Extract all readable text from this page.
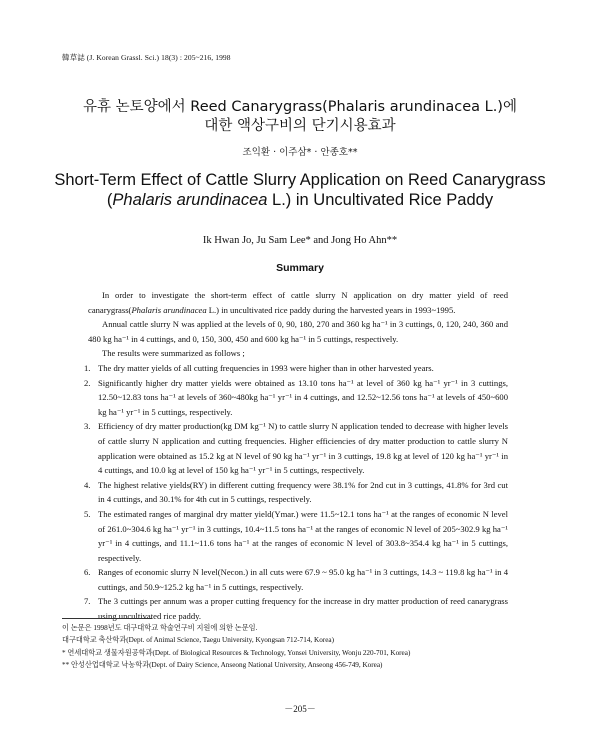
韓草誌 (J. Korean Grassl. Sci.) 18(3) : 205~216, 1998
유휴 논토양에서 Reed Canarygrass(Phalaris arundinacea L.)에
대한 액상구비의 단기시용효과
조익환 · 이주삼* · 안종호**
Short-Term Effect of Cattle Slurry Application on Reed Canarygrass (Phalaris arundinacea L.) in Uncultivated Rice Paddy
Ik Hwan Jo, Ju Sam Lee* and Jong Ho Ahn**
Summary

In order to investigate the short-term effect of cattle slurry N application on dry matter yield of reed canarygrass(Phalaris arundinacea L.) in uncultivated rice paddy during the harvested years in 1993~1995.

Annual cattle slurry N was applied at the levels of 0, 90, 180, 270 and 360 kg ha⁻¹ in 3 cuttings, 0, 120, 240, 360 and 480 kg ha⁻¹ in 4 cuttings, and 0, 150, 300, 450 and 600 kg ha⁻¹ in 5 cuttings, respectively.

The results were summarized as follows ;

1. The dry matter yields of all cutting frequencies in 1993 were higher than in other harvested years.
2. Significantly higher dry matter yields were obtained as 13.10 tons ha⁻¹ at level of 360 kg ha⁻¹ yr⁻¹ in 3 cuttings, 12.50~12.83 tons ha⁻¹ at levels of 360~480kg ha⁻¹ yr⁻¹ in 4 cuttings, and 12.52~12.56 tons ha⁻¹ at levels of 450~600 kg ha⁻¹ yr⁻¹ in 5 cuttings, respectively.
3. Efficiency of dry matter production(kg DM kg⁻¹ N) to cattle slurry N application tended to decrease with higher levels of cattle slurry N application and cutting frequencies. Higher efficiencies of dry matter production to cattle slurry N application were obtained as 15.2 kg at N level of 90 kg ha⁻¹ yr⁻¹ in 3 cuttings, 19.8 kg at level of 120 kg ha⁻¹ yr⁻¹ in 4 cuttings, and 10.0 kg at level of 150 kg ha⁻¹ yr⁻¹ in 5 cuttings, respectively.
4. The highest relative yields(RY) in different cutting frequency were 38.1% for 2nd cut in 3 cuttings, 41.8% for 3rd cut in 4 cuttings, and 30.1% for 4th cut in 5 cuttings, respectively.
5. The estimated ranges of marginal dry matter yield(Ymar.) were 11.5~12.1 tons ha⁻¹ at the ranges of economic N level of 261.0~304.6 kg ha⁻¹ yr⁻¹ in 3 cuttings, 10.4~11.5 tons ha⁻¹ at the ranges of economic N level of 205~302.9 kg ha⁻¹ yr⁻¹ in 4 cuttings, and 11.1~11.6 tons ha⁻¹ at the ranges of economic N level of 303.8~354.4 kg ha⁻¹ in 5 cuttings, respectively.
6. Ranges of economic slurry N level(Necon.) in all cuts were 67.9 ~ 95.0 kg ha⁻¹ in 3 cuttings, 14.3 ~ 119.8 kg ha⁻¹ in 4 cuttings, and 50.9~125.2 kg ha⁻¹ in 5 cuttings, respectively.
7. The 3 cuttings per annum was a proper cutting frequency for the increase in dry matter production of reed canarygrass using uncultivated rice paddy.
이 논문은 1998년도 대구대학교 학술연구비 지원에 의한 논문임.
대구대학교 축산학과(Dept. of Animal Science, Taegu University, Kyongsan 712-714, Korea)
* 연세대학교 생물자원공학과(Dept. of Biological Resources & Technology, Yonsei University, Wonju 220-701, Korea)
** 안성산업대학교 낙농학과(Dept. of Dairy Science, Anseong National University, Anseong 456-749, Korea)
－205－
